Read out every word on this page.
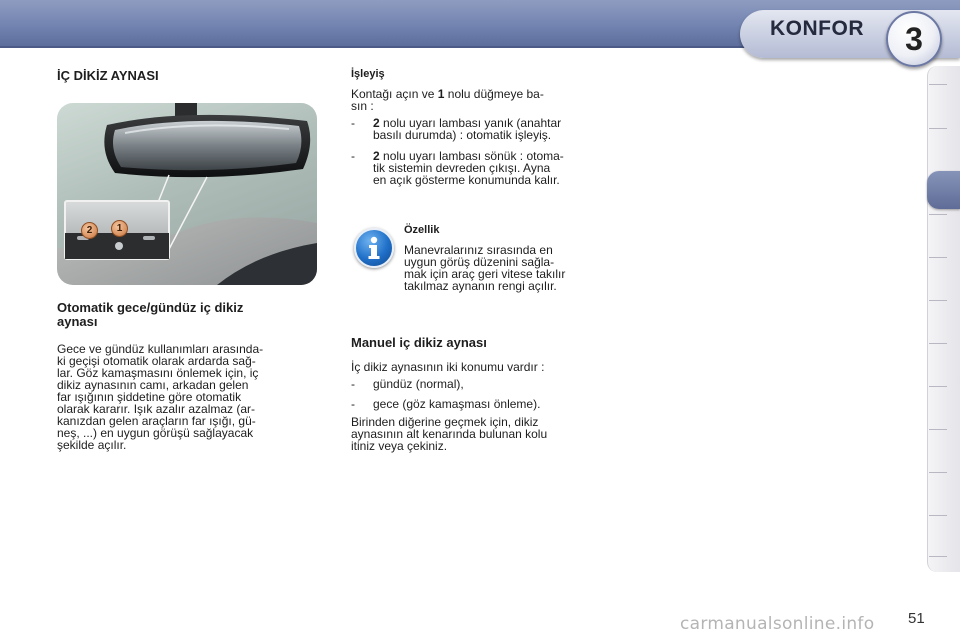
KONFOR	3
İÇ DİKİZ AYNASI
2	1
Otomatik gece/gündüz iç dikiz
aynası

Gece ve gündüz kullanımları arasında-
ki geçişi otomatik olarak ardarda sağ-
lar. Göz kamaşmasını önlemek için, iç
dikiz aynasının camı, arkadan gelen
far ışığının şiddetine göre otomatik
olarak kararır. Işık azalır azalmaz (ar-
kanızdan gelen araçların far ışığı, gü-
neş, ...) en uygun görüşü sağlayacak
şekilde açılır.

İşleyiş

Kontağı açın ve 1 nolu düğmeye ba-
sın :

- 2 nolu uyarı lambası yanık (anahtar
basılı durumda) : otomatik işleyiş.
- 2 nolu uyarı lambası sönük : otoma-
tik sistemin devreden çıkışı. Ayna
en açık gösterme konumunda kalır.
Özellik

Manevralarınız sırasında en
uygun görüş düzenini sağla-
mak için araç geri vitese takılır
takılmaz aynanın rengi açılır.

Manuel iç dikiz aynası

İç dikiz aynasının iki konumu vardır :

- gündüz (normal),
- gece (göz kamaşması önleme).

Birinden diğerine geçmek için, dikiz
aynasının alt kenarında bulunan kolu
itiniz veya çekiniz.

carmanualsonline.info 51
